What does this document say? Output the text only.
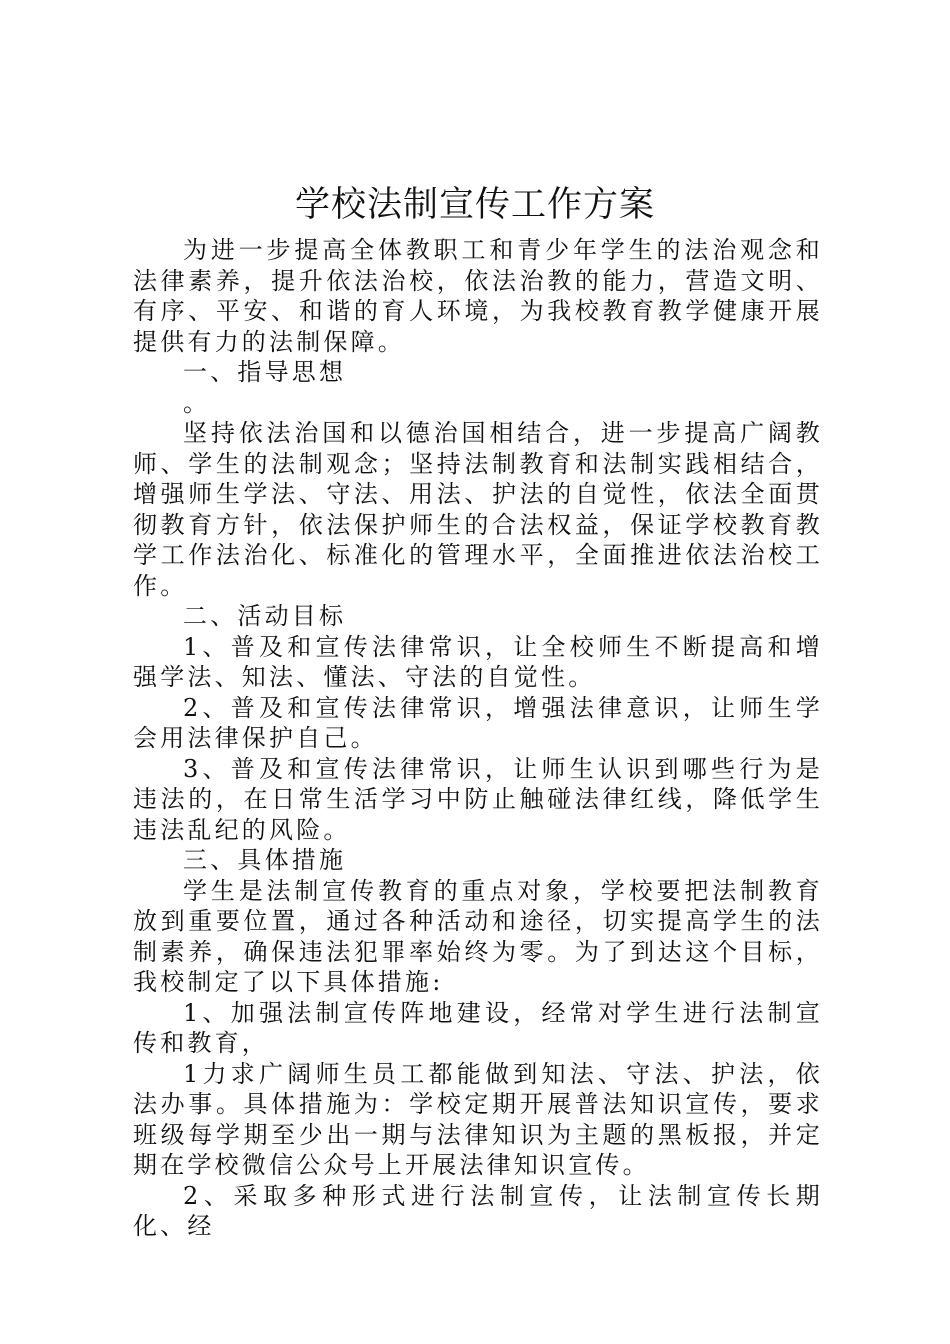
学校法制宣传工作方案

为进一步提高全体教职工和青少年学生的法治观念和法律素养，提升依法治校，依法治教的能力，营造文明、有序、平安、和谐的育人环境，为我校教育教学健康开展提供有力的法制保障。

一、指导思想

。

坚持依法治国和以德治国相结合，进一步提高广阔教师、学生的法制观念；坚持法制教育和法制实践相结合，增强师生学法、守法、用法、护法的自觉性，依法全面贯彻教育方针，依法保护师生的合法权益，保证学校教育教学工作法治化、标准化的管理水平，全面推进依法治校工作。

二、活动目标

1、普及和宣传法律常识，让全校师生不断提高和增强学法、知法、懂法、守法的自觉性。

2、普及和宣传法律常识，增强法律意识，让师生学会用法律保护自己。

3、普及和宣传法律常识，让师生认识到哪些行为是违法的，在日常生活学习中防止触碰法律红线，降低学生违法乱纪的风险。

三、具体措施

学生是法制宣传教育的重点对象，学校要把法制教育放到重要位置，通过各种活动和途径，切实提高学生的法制素养，确保违法犯罪率始终为零。为了到达这个目标，我校制定了以下具体措施:

1、加强法制宣传阵地建设，经常对学生进行法制宣传和教育，

1力求广阔师生员工都能做到知法、守法、护法，依法办事。具体措施为：学校定期开展普法知识宣传，要求班级每学期至少出一期与法律知识为主题的黑板报，并定期在学校微信公众号上开展法律知识宣传。

2、采取多种形式进行法制宣传，让法制宣传长期化、经
